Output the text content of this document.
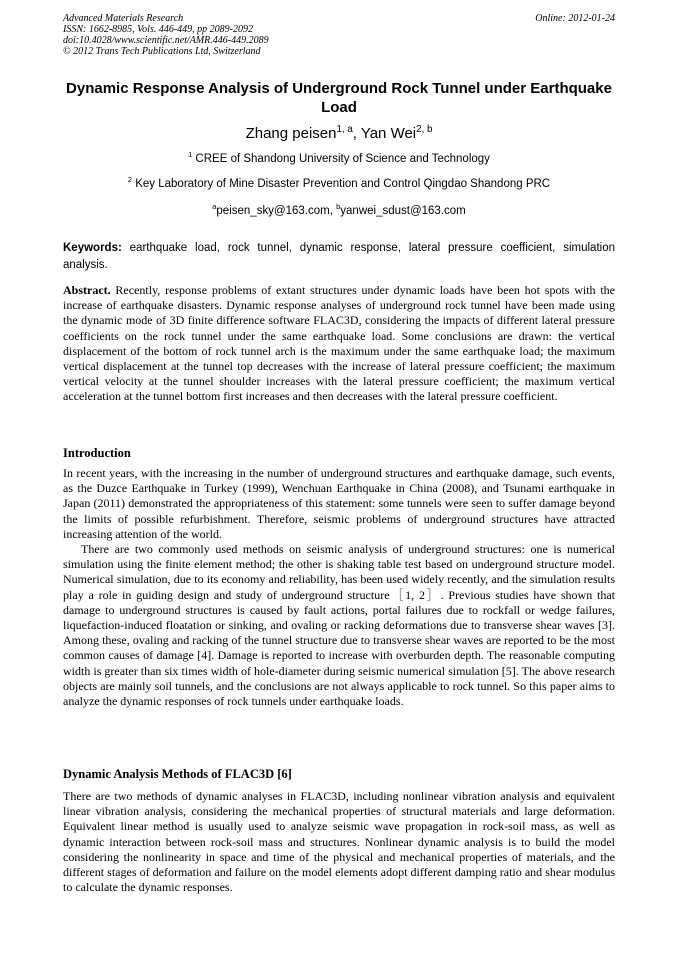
Advanced Materials Research	Online: 2012-01-24
ISSN: 1662-8985, Vols. 446-449, pp 2089-2092
doi:10.4028/www.scientific.net/AMR.446-449.2089
© 2012 Trans Tech Publications Ltd, Switzerland
Dynamic Response Analysis of Underground Rock Tunnel under Earthquake Load
Zhang peisen$^{1, a}$, Yan Wei$^{2, b}$
$^1$ CREE of Shandong University of Science and Technology
$^2$ Key Laboratory of Mine Disaster Prevention and Control Qingdao Shandong PRC
$^a$peisen_sky@163.com, $^b$yanwei_sdust@163.com
Keywords: earthquake load, rock tunnel, dynamic response, lateral pressure coefficient, simulation analysis.

Abstract. Recently, response problems of extant structures under dynamic loads have been hot spots with the increase of earthquake disasters. Dynamic response analyses of underground rock tunnel have been made using the dynamic mode of 3D finite difference software FLAC3D, considering the impacts of different lateral pressure coefficients on the rock tunnel under the same earthquake load. Some conclusions are drawn: the vertical displacement of the bottom of rock tunnel arch is the maximum under the same earthquake load; the maximum vertical displacement at the tunnel top decreases with the increase of lateral pressure coefficient; the maximum vertical velocity at the tunnel shoulder increases with the lateral pressure coefficient; the maximum vertical acceleration at the tunnel bottom first increases and then decreases with the lateral pressure coefficient.

Introduction

In recent years, with the increasing in the number of underground structures and earthquake damage, such events, as the Duzce Earthquake in Turkey (1999), Wenchuan Earthquake in China (2008), and Tsunami earthquake in Japan (2011) demonstrated the appropriateness of this statement: some tunnels were seen to suffer damage beyond the limits of possible refurbishment. Therefore, seismic problems of underground structures have attracted increasing attention of the world.

There are two commonly used methods on seismic analysis of underground structures: one is numerical simulation using the finite element method; the other is shaking table test based on underground structure model. Numerical simulation, due to its economy and reliability, has been used widely recently, and the simulation results play a role in guiding design and study of underground structure［1, 2］. Previous studies have shown that damage to underground structures is caused by fault actions, portal failures due to rockfall or wedge failures, liquefaction-induced floatation or sinking, and ovaling or racking deformations due to transverse shear waves [3]. Among these, ovaling and racking of the tunnel structure due to transverse shear waves are reported to be the most common causes of damage [4]. Damage is reported to increase with overburden depth. The reasonable computing width is greater than six times width of hole-diameter during seismic numerical simulation [5]. The above research objects are mainly soil tunnels, and the conclusions are not always applicable to rock tunnel. So this paper aims to analyze the dynamic responses of rock tunnels under earthquake loads.

Dynamic Analysis Methods of FLAC3D [6]

There are two methods of dynamic analyses in FLAC3D, including nonlinear vibration analysis and equivalent linear vibration analysis, considering the mechanical properties of structural materials and large deformation. Equivalent linear method is usually used to analyze seismic wave propagation in rock-soil mass, as well as dynamic interaction between rock-soil mass and structures. Nonlinear dynamic analysis is to build the model considering the nonlinearity in space and time of the physical and mechanical properties of materials, and the different stages of deformation and failure on the model elements adopt different damping ratio and shear modulus to calculate the dynamic responses.
